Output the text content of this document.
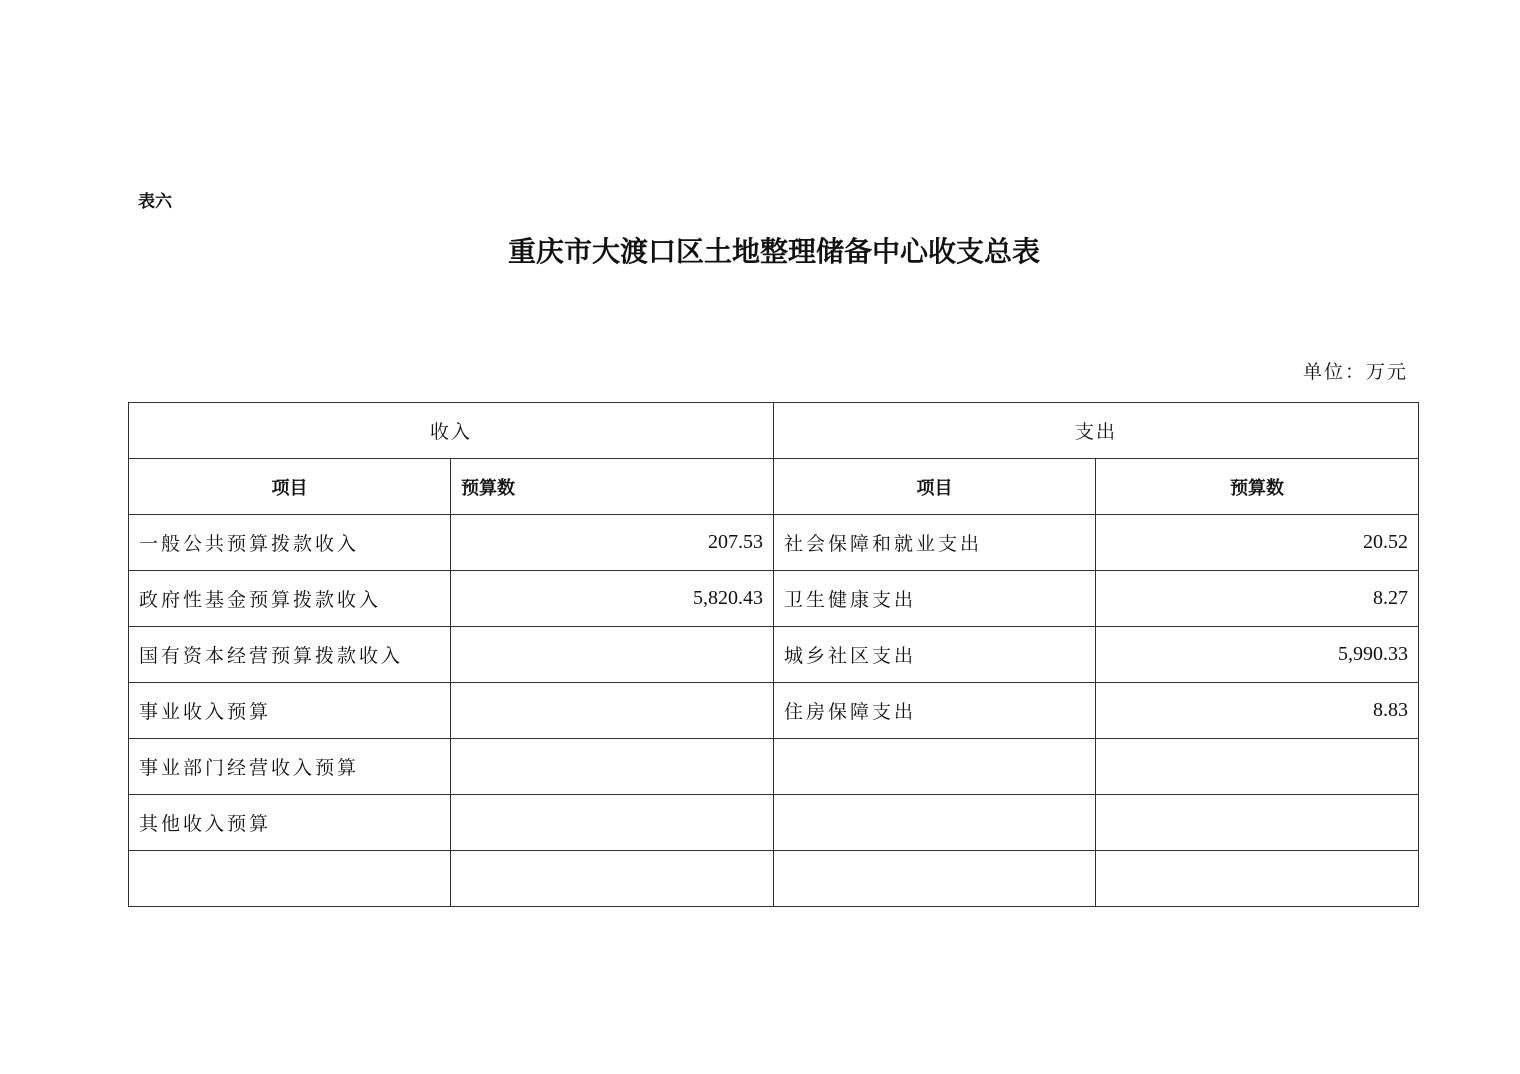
表六
重庆市大渡口区土地整理储备中心收支总表
单位：万元
收入		支出	
项目	预算数	项目	预算数
一般公共预算拨款收入	207.53	社会保障和就业支出	20.52
政府性基金预算拨款收入	5,820.43	卫生健康支出	8.27
国有资本经营预算拨款收入		城乡社区支出	5,990.33
事业收入预算		住房保障支出	8.83
事业部门经营收入预算			
其他收入预算			
